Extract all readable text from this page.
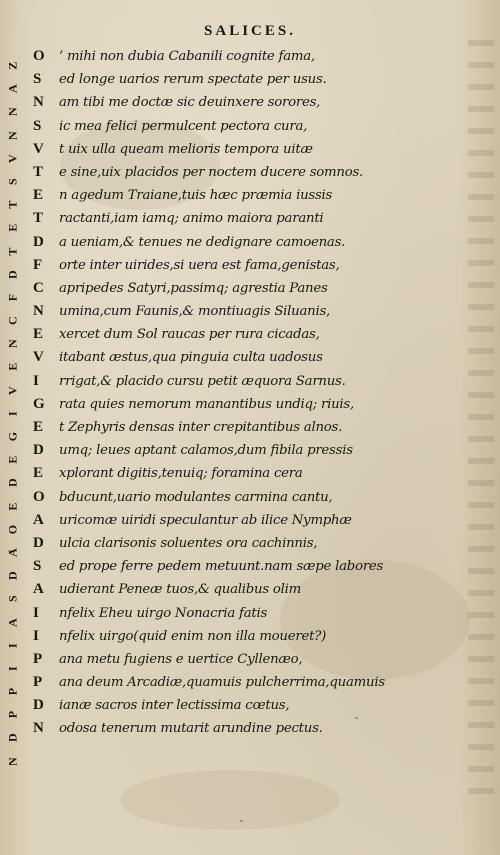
SALICES.
Z
A
N
N
V
S
T
E
T
D
F
C
N
E
V
I
G
E
D
E
O
A
D
S
A
I
I
P
P
D
N
O	’ mihi non dubia Cabanili cognite fama,
S	ed longe uarios rerum spectate per usus.
N	am tibi me doctæ sic deuinxere sorores,
S	ic mea felici permulcent pectora cura,
V	t uix ulla queam melioris tempora uitæ
T	e sine,uix placidos per noctem ducere somnos.
E	n agedum Traiane,tuis hæc præmia iussis
T	ractanti,iam iamq; animo maiora paranti
D	a ueniam,& tenues ne dedignare camoenas.
F	orte inter uirides,si uera est fama,genistas,
C	apripedes Satyri,passimq; agrestia Panes
N	umina,cum Faunis,& montiuagis Siluanis,
E	xercet dum Sol raucas per rura cicadas,
V	itabant æstus,qua pinguia culta uadosus
I	rrigat,& placido cursu petit æquora Sarnus.
G	rata quies nemorum manantibus undiq; riuis,
E	t Zephyris densas inter crepitantibus alnos.
D	umq; leues aptant calamos,dum fibila pressis
E	xplorant digitis,tenuiq; foramina cera
O	bducunt,uario modulantes carmina cantu,
A	uricomæ uiridi speculantur ab ilice Nymphæ
D	ulcia clarisonis soluentes ora cachinnis,
S	ed prope ferre pedem metuunt.nam sæpe labores
A	udierant Peneæ tuos,& qualibus olim
I	nfelix Eheu uirgo Nonacria fatis
I	nfelix uirgo(quid enim non illa moueret?)
P	ana metu fugiens e uertice Cyllenæo,
P	ana deum Arcadiæ,quamuis pulcherrima,quamuis
D	ianæ sacros inter lectissima cœtus,
N	odosa tenerum mutarit arundine pectus.
